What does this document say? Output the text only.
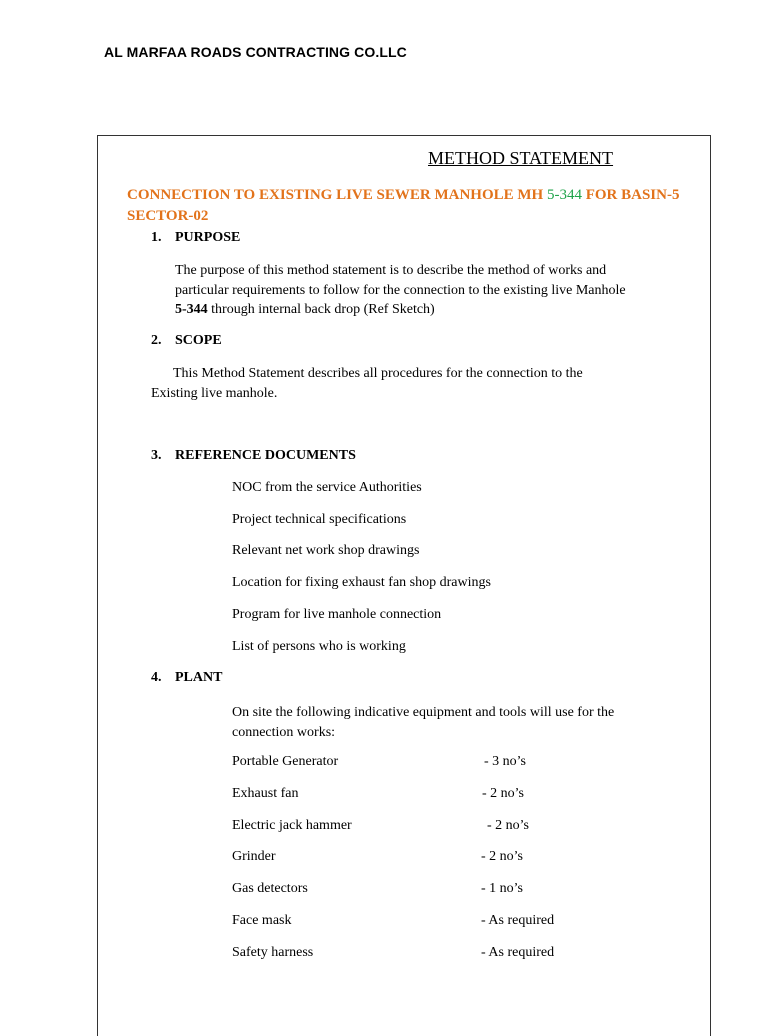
AL MARFAA ROADS CONTRACTING CO.LLC
METHOD STATEMENT
CONNECTION TO EXISTING LIVE SEWER MANHOLE MH 5-344 FOR BASIN-5 SECTOR-02
1. PURPOSE
The purpose of this method statement is to describe the method of works and
particular requirements to follow for the connection to the existing live Manhole
5-344 through internal back drop (Ref Sketch)
2. SCOPE
This Method Statement describes all procedures for the connection to the
Existing live manhole.
3. REFERENCE DOCUMENTS
NOC from the service Authorities
Project technical specifications
Relevant net work shop drawings
Location for fixing exhaust fan shop drawings
Program for live manhole connection
List of persons who is working
4. PLANT
On site the following indicative equipment and tools will use for the
connection works:
Portable Generator	- 3 no’s
Exhaust fan	- 2 no’s
Electric jack hammer	- 2 no’s
Grinder	- 2 no’s
Gas detectors	- 1 no’s
Face mask	- As required
Safety harness	- As required
